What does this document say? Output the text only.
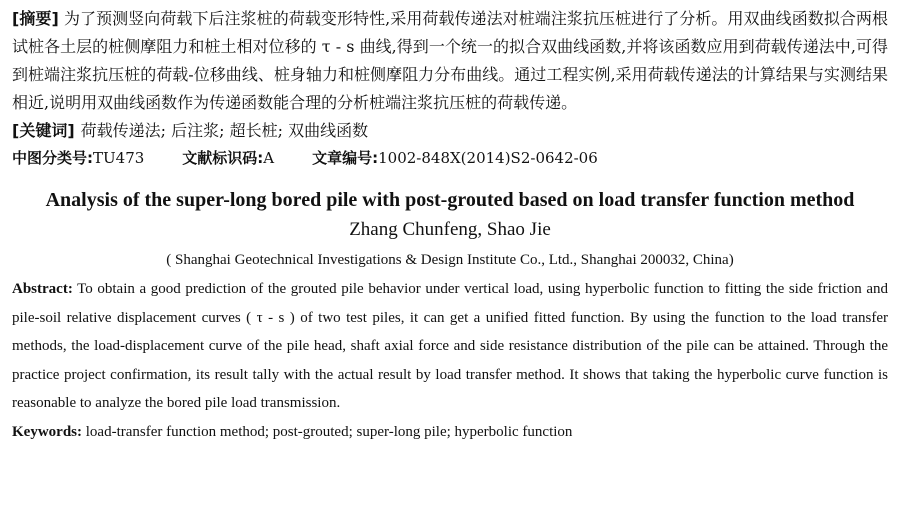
[摘要] 为了预测竖向荷载下后注浆桩的荷载变形特性,采用荷载传递法对桩端注浆抗压桩进行了分析。用双曲线函数拟合两根试桩各土层的桩侧摩阻力和桩土相对位移的 τ - s 曲线,得到一个统一的拟合双曲线函数,并将该函数应用到荷载传递法中,可得到桩端注浆抗压桩的荷载-位移曲线、桩身轴力和桩侧摩阻力分布曲线。通过工程实例,采用荷载传递法的计算结果与实测结果相近,说明用双曲线函数作为传递函数能合理的分析桩端注浆抗压桩的荷载传递。

[关键词] 荷载传递法; 后注浆; 超长桩; 双曲线函数

中图分类号:TU473	文献标识码:A	文章编号:1002-848X(2014)S2-0642-06

Analysis of the super-long bored pile with post-grouted based on load transfer function method

Zhang Chunfeng, Shao Jie

( Shanghai Geotechnical Investigations & Design Institute Co., Ltd., Shanghai 200032, China)

Abstract: To obtain a good prediction of the grouted pile behavior under vertical load, using hyperbolic function to fitting the side friction and pile-soil relative displacement curves ( τ - s ) of two test piles, it can get a unified fitted function. By using the function to the load transfer methods, the load-displacement curve of the pile head, shaft axial force and side resistance distribution of the pile can be attained. Through the practice project confirmation, its result tally with the actual result by load transfer method. It shows that taking the hyperbolic curve function is reasonable to analyze the bored pile load transmission.

Keywords: load-transfer function method; post-grouted; super-long pile; hyperbolic function
